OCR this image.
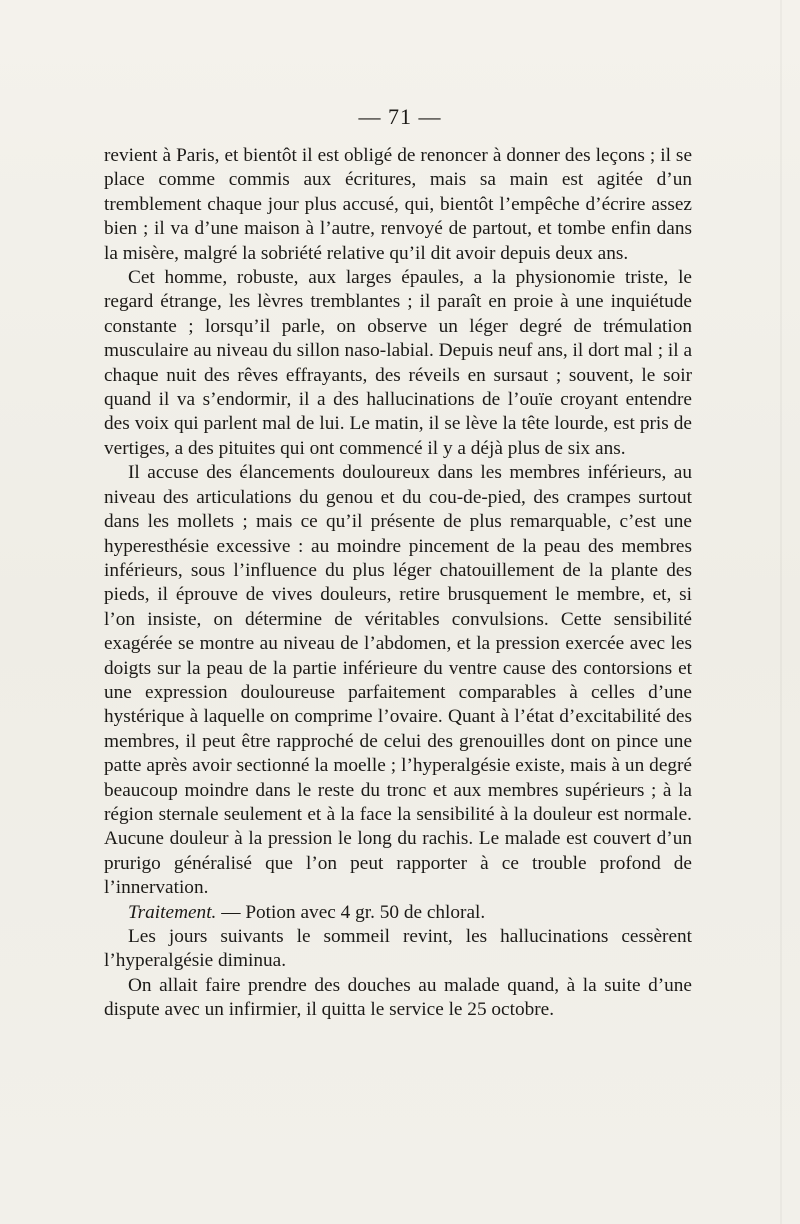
— 71 —

revient à Paris, et bientôt il est obligé de renoncer à donner des leçons ; il se place comme commis aux écritures, mais sa main est agitée d’un tremblement chaque jour plus accusé, qui, bientôt l’empêche d’écrire assez bien ; il va d’une maison à l’autre, renvoyé de partout, et tombe enfin dans la misère, malgré la sobriété relative qu’il dit avoir depuis deux ans.

Cet homme, robuste, aux larges épaules, a la physionomie triste, le regard étrange, les lèvres tremblantes ; il paraît en proie à une inquiétude constante ; lorsqu’il parle, on observe un léger degré de trémulation musculaire au niveau du sillon naso-labial. Depuis neuf ans, il dort mal ; il a chaque nuit des rêves effrayants, des réveils en sursaut ; souvent, le soir quand il va s’endormir, il a des hallucinations de l’ouïe croyant entendre des voix qui parlent mal de lui. Le matin, il se lève la tête lourde, est pris de vertiges, a des pituites qui ont commencé il y a déjà plus de six ans.

Il accuse des élancements douloureux dans les membres inférieurs, au niveau des articulations du genou et du cou-de-pied, des crampes surtout dans les mollets ; mais ce qu’il présente de plus remarquable, c’est une hyperesthésie excessive : au moindre pincement de la peau des membres inférieurs, sous l’influence du plus léger chatouillement de la plante des pieds, il éprouve de vives douleurs, retire brusquement le membre, et, si l’on insiste, on détermine de véritables convulsions. Cette sensibilité exagérée se montre au niveau de l’abdomen, et la pression exercée avec les doigts sur la peau de la partie inférieure du ventre cause des contorsions et une expression douloureuse parfaitement comparables à celles d’une hystérique à laquelle on comprime l’ovaire. Quant à l’état d’excitabilité des membres, il peut être rapproché de celui des grenouilles dont on pince une patte après avoir sectionné la moelle ; l’hyperalgésie existe, mais à un degré beaucoup moindre dans le reste du tronc et aux membres supérieurs ; à la région sternale seulement et à la face la sensibilité à la douleur est normale. Aucune douleur à la pression le long du rachis. Le malade est couvert d’un prurigo généralisé que l’on peut rapporter à ce trouble profond de l’innervation.

Traitement. — Potion avec 4 gr. 50 de chloral.

Les jours suivants le sommeil revint, les hallucinations cessèrent l’hyperalgésie diminua.

On allait faire prendre des douches au malade quand, à la suite d’une dispute avec un infirmier, il quitta le service le 25 octobre.
